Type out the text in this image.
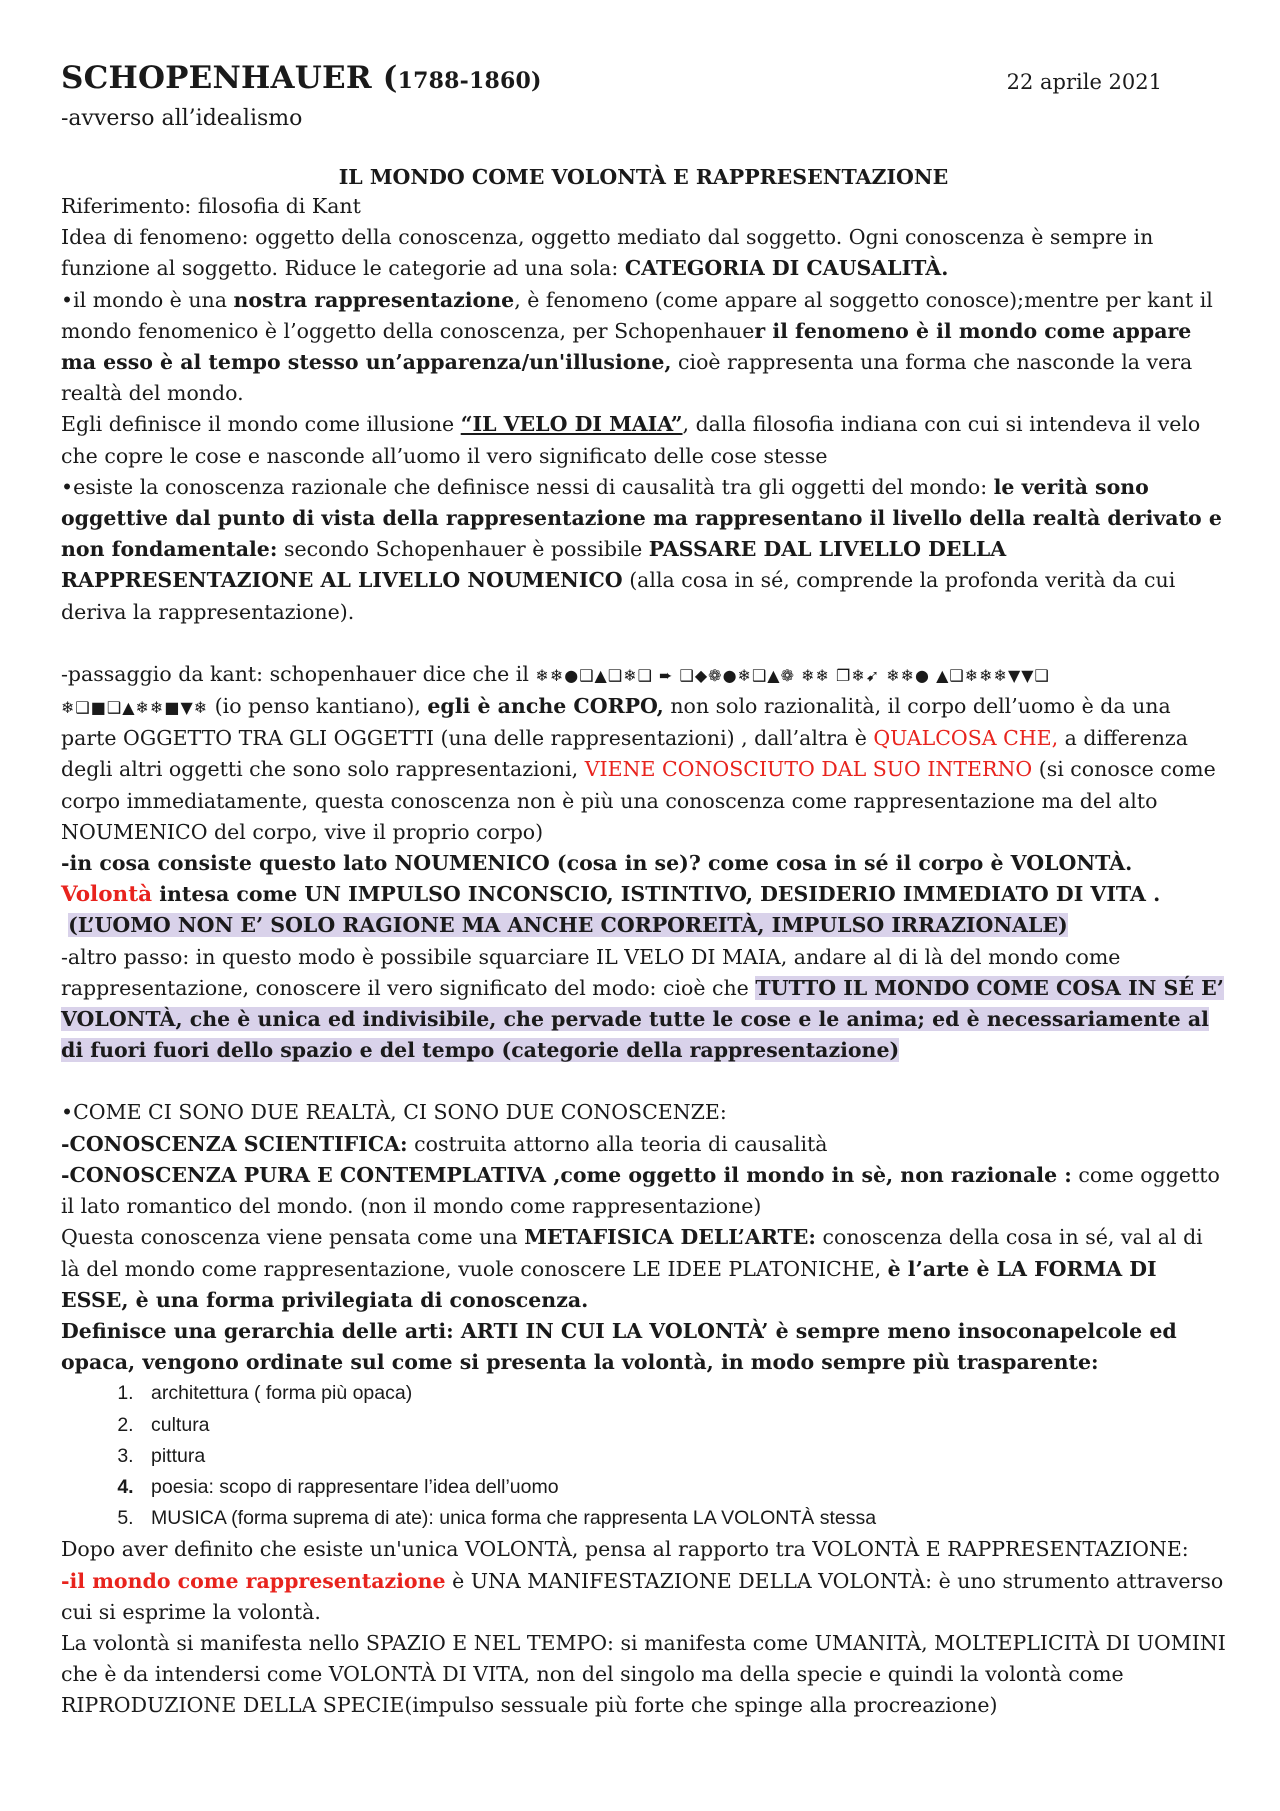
SCHOPENHAUER (1788-1860)	22 aprile 2021
-avverso all’idealismo
IL MONDO COME VOLONTÀ E RAPPRESENTAZIONE

Riferimento: filosofia di Kant

Idea di fenomeno: oggetto della conoscenza, oggetto mediato dal soggetto. Ogni conoscenza è sempre in funzione al soggetto. Riduce le categorie ad una sola: CATEGORIA DI CAUSALITÀ.

•il mondo è una nostra rappresentazione, è fenomeno (come appare al soggetto conosce);mentre per kant il mondo fenomenico è l’oggetto della conoscenza, per Schopenhauer il fenomeno è il mondo come appare ma esso è al tempo stesso un’apparenza/un'illusione, cioè rappresenta una forma che nasconde la vera realtà del mondo.

Egli definisce il mondo come illusione “IL VELO DI MAIA”, dalla filosofia indiana con cui si intendeva il velo che copre le cose e nasconde all’uomo il vero significato delle cose stesse

•esiste la conoscenza razionale che definisce nessi di causalità tra gli oggetti del mondo: le verità sono oggettive dal punto di vista della rappresentazione ma rappresentano il livello della realtà derivato e non fondamentale: secondo Schopenhauer è possibile PASSARE DAL LIVELLO DELLA RAPPRESENTAZIONE AL LIVELLO NOUMENICO (alla cosa in sé, comprende la profonda verità da cui deriva la rappresentazione).

-passaggio da kant: schopenhauer dice che il ❄❄●❑▲❑❄❑ ➨ ❑◆❁●❄❑▲❁ ❄❄ ❐❄➹ ❄❄● ▲❑❄❄❄▼▼❑
❄❑■❑▲❄❄■▼❄ (io penso kantiano), egli è anche CORPO, non solo razionalità, il corpo dell’uomo è da una parte OGGETTO TRA GLI OGGETTI (una delle rappresentazioni) , dall’altra è QUALCOSA CHE, a differenza degli altri oggetti che sono solo rappresentazioni, VIENE CONOSCIUTO DAL SUO INTERNO (si conosce come corpo immediatamente, questa conoscenza non è più una conoscenza come rappresentazione ma del alto NOUMENICO del corpo, vive il proprio corpo)

-in cosa consiste questo lato NOUMENICO (cosa in se)? come cosa in sé il corpo è VOLONTÀ.

Volontà intesa come UN IMPULSO INCONSCIO, ISTINTIVO, DESIDERIO IMMEDIATO DI VITA .

(L’UOMO NON E’ SOLO RAGIONE MA ANCHE CORPOREITÀ, IMPULSO IRRAZIONALE)

-altro passo: in questo modo è possibile squarciare IL VELO DI MAIA, andare al di là del mondo come rappresentazione, conoscere il vero significato del modo: cioè che TUTTO IL MONDO COME COSA IN SÉ E’ VOLONTÀ, che è unica ed indivisibile, che pervade tutte le cose e le anima; ed è necessariamente al di fuori fuori dello spazio e del tempo (categorie della rappresentazione)

•COME CI SONO DUE REALTÀ, CI SONO DUE CONOSCENZE:

-CONOSCENZA SCIENTIFICA: costruita attorno alla teoria di causalità

-CONOSCENZA PURA E CONTEMPLATIVA ,come oggetto il mondo in sè, non razionale : come oggetto il lato romantico del mondo. (non il mondo come rappresentazione)

Questa conoscenza viene pensata come una METAFISICA DELL’ARTE: conoscenza della cosa in sé, val al di là del mondo come rappresentazione, vuole conoscere LE IDEE PLATONICHE, è l’arte è LA FORMA DI ESSE, è una forma privilegiata di conoscenza.

Definisce una gerarchia delle arti: ARTI IN CUI LA VOLONTÀ’ è sempre meno insoconapelcole ed opaca, vengono ordinate sul come si presenta la volontà, in modo sempre più trasparente:

1. architettura ( forma più opaca)
2. cultura
3. pittura
4. poesia: scopo di rappresentare l’idea dell’uomo
5. MUSICA (forma suprema di ate): unica forma che rappresenta LA VOLONTÀ stessa

Dopo aver definito che esiste un'unica VOLONTÀ, pensa al rapporto tra VOLONTÀ E RAPPRESENTAZIONE:

-il mondo come rappresentazione è UNA MANIFESTAZIONE DELLA VOLONTÀ: è uno strumento attraverso cui si esprime la volontà.

La volontà si manifesta nello SPAZIO E NEL TEMPO: si manifesta come UMANITÀ, MOLTEPLICITÀ DI UOMINI che è da intendersi come VOLONTÀ DI VITA, non del singolo ma della specie e quindi la volontà come RIPRODUZIONE DELLA SPECIE(impulso sessuale più forte che spinge alla procreazione)
